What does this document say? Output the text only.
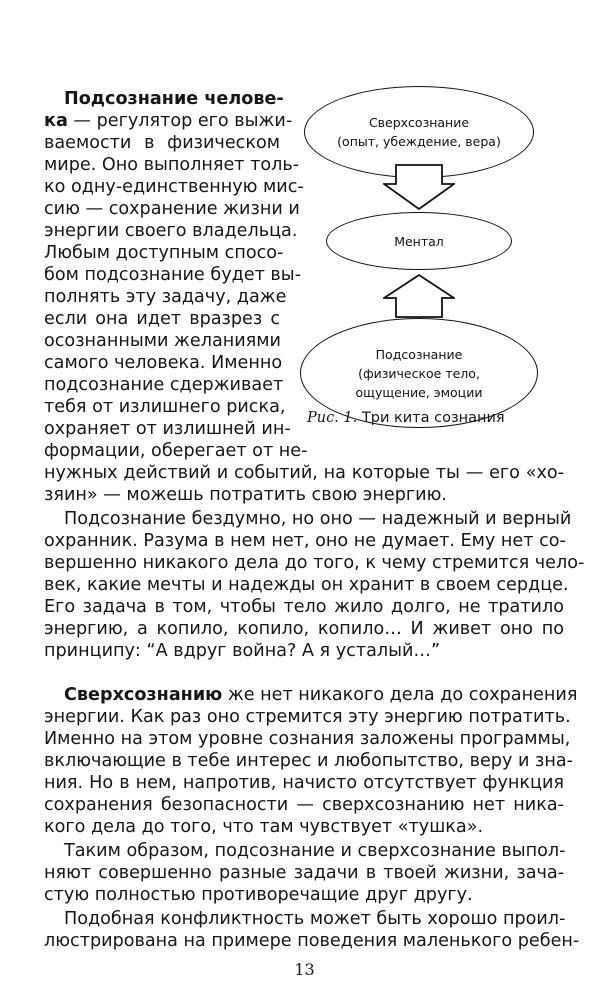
Сверхсознание
(опыт, убеждение, вера)
Ментал
Подсознание
(физическое тело,
ощущение, эмоции
Рис. 1. Три кита сознания
Подсознание челове-
ка — регулятор его выжи-
ваемости в физическом
мире. Оно выполняет толь-
ко одну-единственную мис-
сию — сохранение жизни и
энергии своего владельца.
Любым доступным спосо-
бом подсознание будет вы-
полнять эту задачу, даже
если она идет вразрез с
осознанными желаниями
самого человека. Именно
подсознание сдерживает
тебя от излишнего риска,
охраняет от излишней ин-
формации, оберегает от не-
нужных действий и событий, на которые ты — его «хо-
зяин» — можешь потратить свою энергию.
Подсознание бездумно, но оно — надежный и верный
охранник. Разума в нем нет, оно не думает. Ему нет со-
вершенно никакого дела до того, к чему стремится чело-
век, какие мечты и надежды он хранит в своем сердце.
Его задача в том, чтобы тело жило долго, не тратило
энергию, а копило, копило, копило… И живет оно по
принципу: “А вдруг война? А я усталый…”
Сверхсознанию же нет никакого дела до сохранения
энергии. Как раз оно стремится эту энергию потратить.
Именно на этом уровне сознания заложены программы,
включающие в тебе интерес и любопытство, веру и зна-
ния. Но в нем, напротив, начисто отсутствует функция
сохранения безопасности — сверхсознанию нет ника-
кого дела до того, что там чувствует «тушка».
Таким образом, подсознание и сверхсознание выпол-
няют совершенно разные задачи в твоей жизни, зача-
стую полностью противоречащие друг другу.
Подобная конфликтность может быть хорошо проил-
люстрирована на примере поведения маленького ребен-
13
